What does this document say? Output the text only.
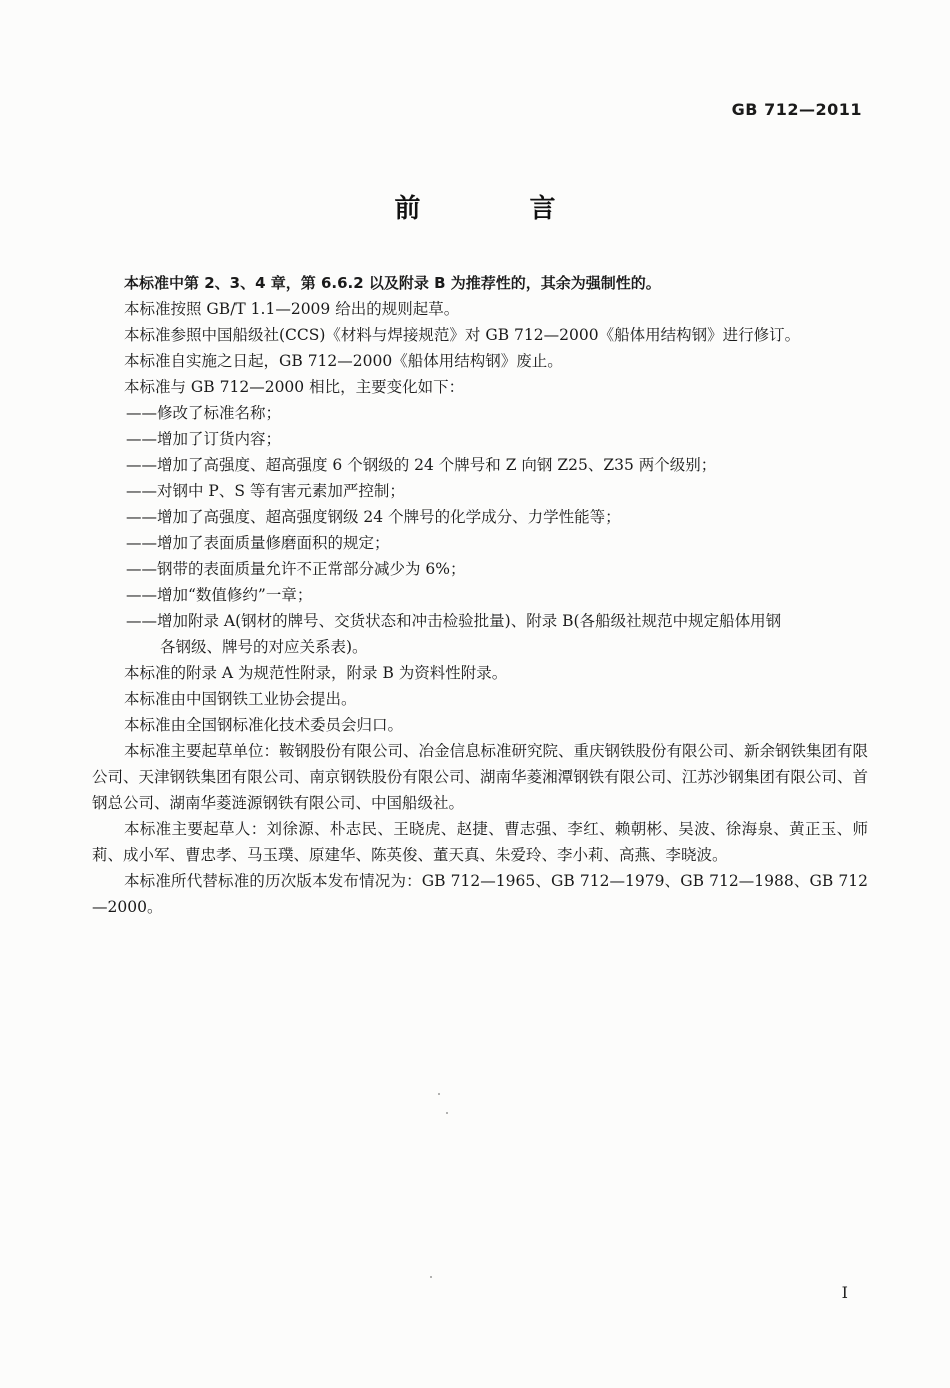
GB 712—2011
前 言

本标准中第 2、3、4 章，第 6.6.2 以及附录 B 为推荐性的，其余为强制性的。

本标准按照 GB/T 1.1—2009 给出的规则起草。

本标准参照中国船级社(CCS)《材料与焊接规范》对 GB 712—2000《船体用结构钢》进行修订。

本标准自实施之日起，GB 712—2000《船体用结构钢》废止。

本标准与 GB 712—2000 相比，主要变化如下：

——修改了标准名称；

——增加了订货内容；

——增加了高强度、超高强度 6 个钢级的 24 个牌号和 Z 向钢 Z25、Z35 两个级别；

——对钢中 P、S 等有害元素加严控制；

——增加了高强度、超高强度钢级 24 个牌号的化学成分、力学性能等；

——增加了表面质量修磨面积的规定；

——钢带的表面质量允许不正常部分减少为 6%；

——增加“数值修约”一章；

——增加附录 A(钢材的牌号、交货状态和冲击检验批量)、附录 B(各船级社规范中规定船体用钢
各钢级、牌号的对应关系表)。

本标准的附录 A 为规范性附录，附录 B 为资料性附录。

本标准由中国钢铁工业协会提出。

本标准由全国钢标准化技术委员会归口。

本标准主要起草单位：鞍钢股份有限公司、冶金信息标准研究院、重庆钢铁股份有限公司、新余钢铁集团有限公司、天津钢铁集团有限公司、南京钢铁股份有限公司、湖南华菱湘潭钢铁有限公司、江苏沙钢集团有限公司、首钢总公司、湖南华菱涟源钢铁有限公司、中国船级社。

本标准主要起草人：刘徐源、朴志民、王晓虎、赵捷、曹志强、李红、赖朝彬、吴波、徐海泉、黄正玉、师莉、成小军、曹忠孝、马玉璞、原建华、陈英俊、董天真、朱爱玲、李小莉、高燕、李晓波。

本标准所代替标准的历次版本发布情况为：GB 712—1965、GB 712—1979、GB 712—1988、GB 712—2000。

I
